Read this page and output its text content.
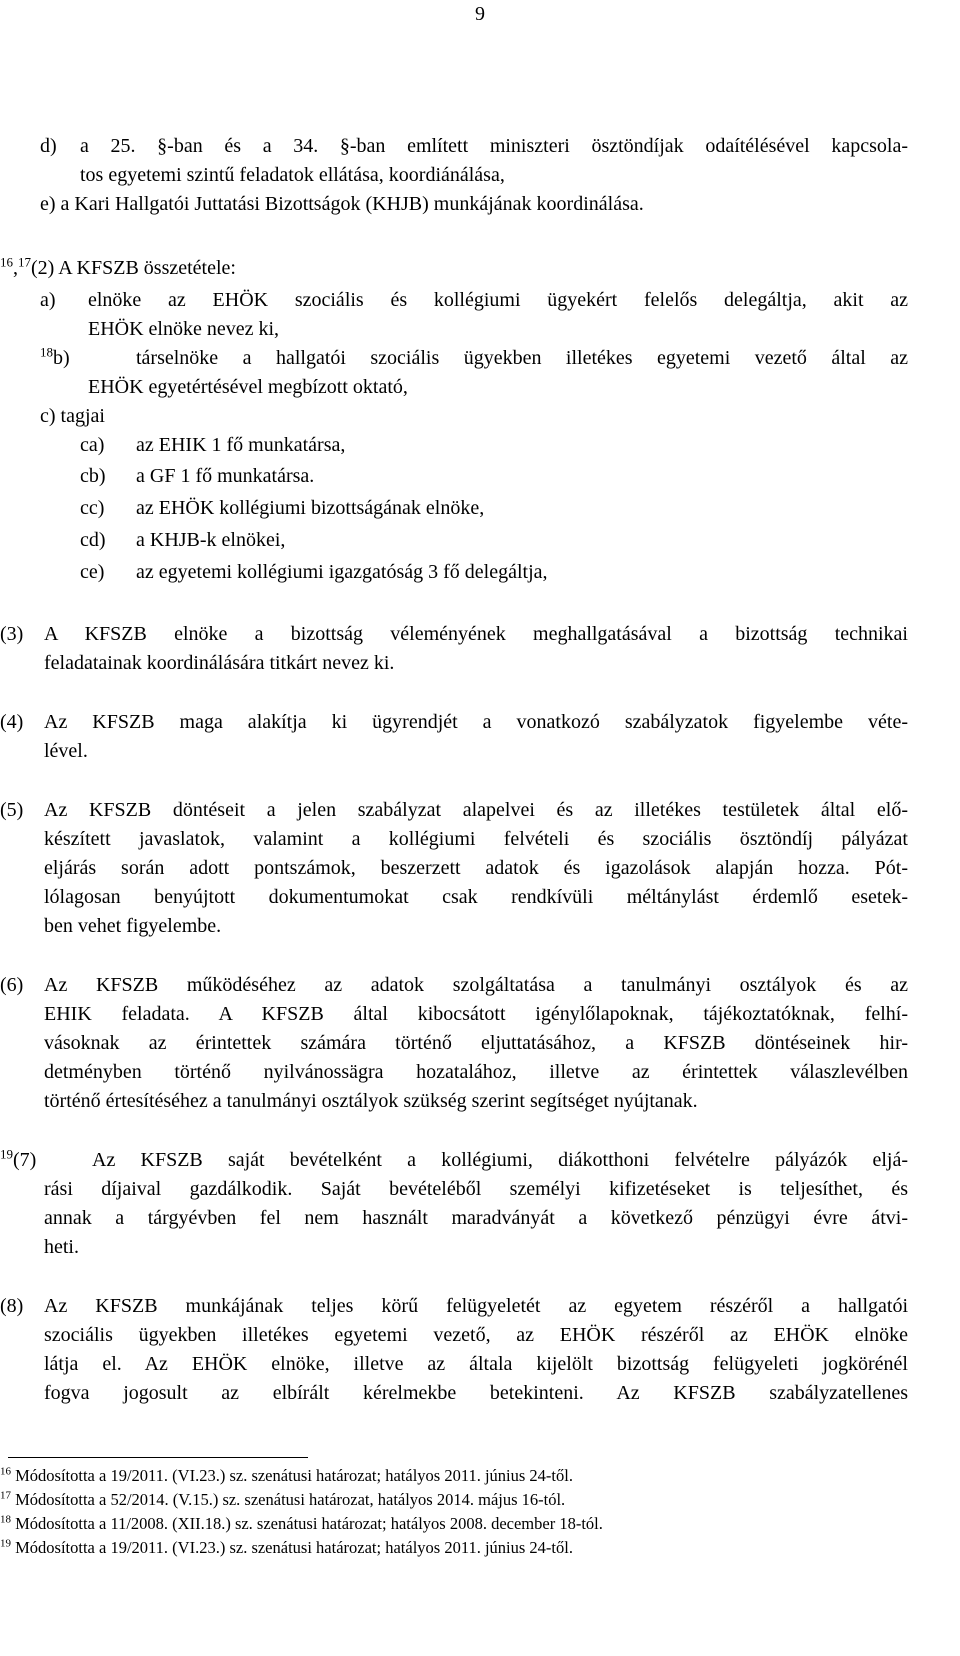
9
d) a 25. §-ban és a 34. §-ban említett miniszteri ösztöndíjak odaítélésével kapcsola-
tos egyetemi szintű feladatok ellátása, koordiánálása,
e) a Kari Hallgatói Juttatási Bizottságok (KHJB) munkájának koordinálása.
$^{16}$,$^{17}$(2) A KFSZB összetétele:
a) elnöke az EHÖK szociális és kollégiumi ügyekért felelős delegáltja, akit az
EHÖK elnöke nevez ki,
$^{18}$b)	társelnöke a hallgatói szociális ügyekben illetékes egyetemi vezető által az
EHÖK egyetértésével megbízott oktató,
c) tagjai
ca) az EHIK 1 fő munkatársa,
cb) a GF 1 fő munkatársa.
cc) az EHÖK kollégiumi bizottságának elnöke,
cd) a KHJB-k elnökei,
ce) az egyetemi kollégiumi igazgatóság 3 fő delegáltja,
(3) A KFSZB elnöke a bizottság véleményének meghallgatásával a bizottság technikai
feladatainak koordinálására titkárt nevez ki.
(4) Az KFSZB maga alakítja ki ügyrendjét a vonatkozó szabályzatok figyelembe véte-
lével.
(5) Az KFSZB döntéseit a jelen szabályzat alapelvei és az illetékes testületek által elő-
készített javaslatok, valamint a kollégiumi felvételi és szociális ösztöndíj pályázat
eljárás során adott pontszámok, beszerzett adatok és igazolások alapján hozza. Pót-
lólagosan benyújtott dokumentumokat csak rendkívüli méltánylást érdemlő esetek-
ben vehet figyelembe.
(6) Az KFSZB működéséhez az adatok szolgáltatása a tanulmányi osztályok és az
EHIK feladata. A KFSZB által kibocsátott igénylőlapoknak, tájékoztatóknak, felhí-
vásoknak az érintettek számára történő eljuttatásához, a KFSZB döntéseinek hir-
detményben történő nyilvánossägra hozatalához, illetve az érintettek válaszlevélben
történő értesítéséhez a tanulmányi osztályok szükség szerint segítséget nyújtanak.
$^{19}$(7)	Az KFSZB saját bevételként a kollégiumi, diákotthoni felvételre pályázók eljá-
rási díjaival gazdálkodik. Saját bevételéből személyi kifizetéseket is teljesíthet, és
annak a tárgyévben fel nem használt maradványát a következő pénzügyi évre átvi-
heti.
(8) Az KFSZB munkájának teljes körű felügyeletét az egyetem részéről a hallgatói
szociális ügyekben illetékes egyetemi vezető, az EHÖK részéről az EHÖK elnöke
látja el. Az EHÖK elnöke, illetve az általa kijelölt bizottság felügyeleti jogkörénél
fogva jogosult az elbírált kérelmekbe betekinteni. Az KFSZB szabályzatellenes
$^{16}$ Módosította a 19/2011. (VI.23.) sz. szenátusi határozat; hatályos 2011. június 24-től.
$^{17}$ Módosította a 52/2014. (V.15.) sz. szenátusi határozat, hatályos 2014. május 16-tól.
$^{18}$ Módosította a 11/2008. (XII.18.) sz. szenátusi határozat; hatályos 2008. december 18-tól.
$^{19}$ Módosította a 19/2011. (VI.23.) sz. szenátusi határozat; hatályos 2011. június 24-től.
